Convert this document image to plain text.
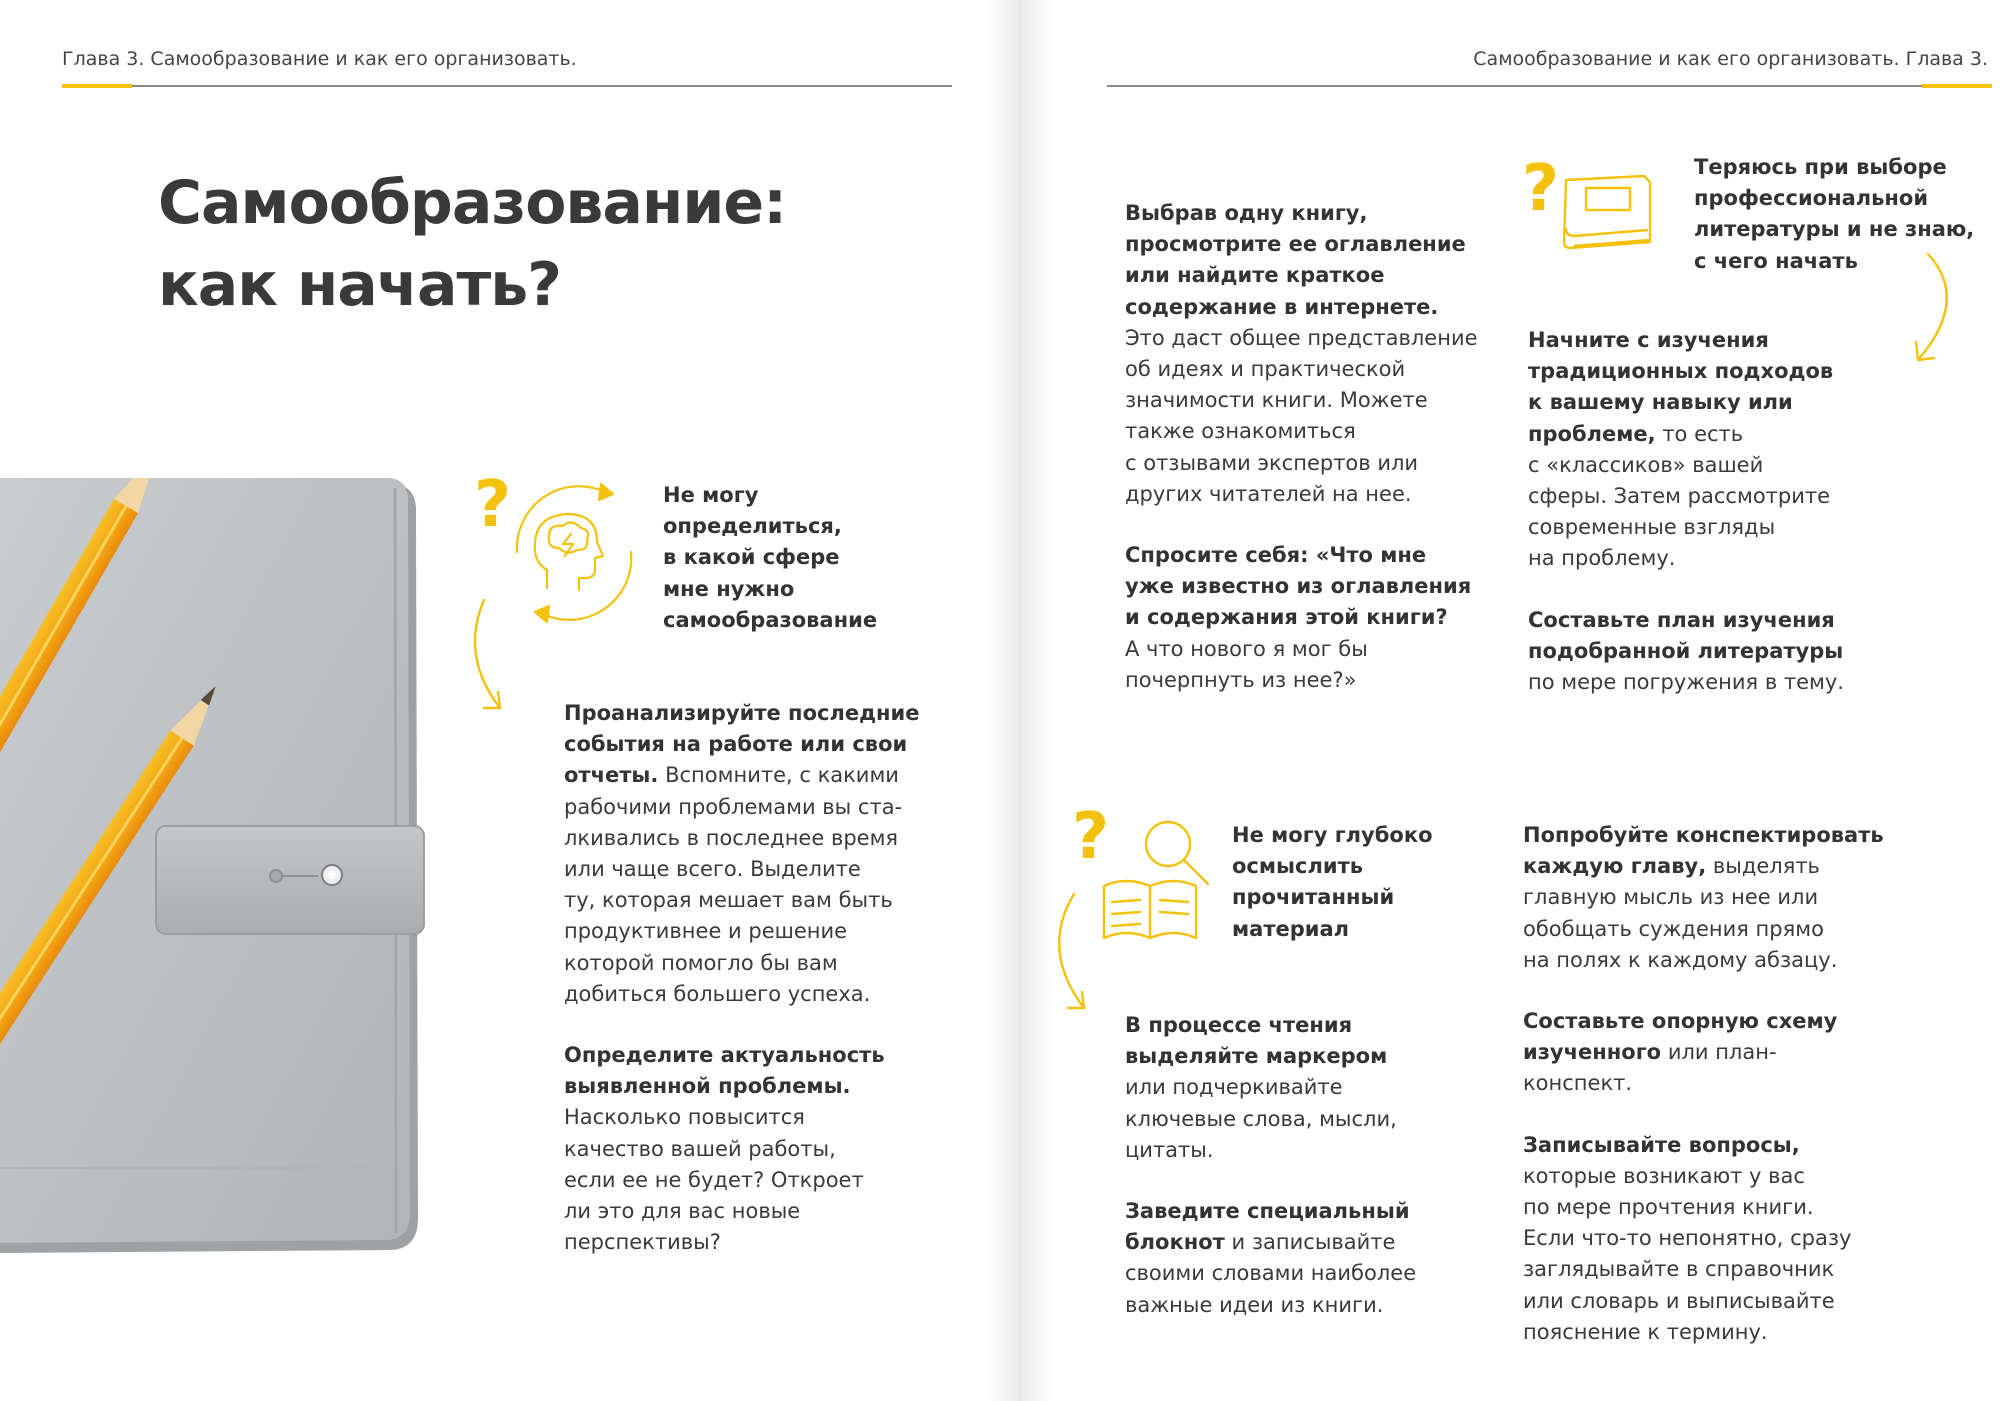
Глава 3. Самообразование и как его организовать.	Самообразование и как его организовать. Глава 3.
Самообразование:
как начать?
?	Не могу
определиться,
в какой сфере
мне нужно
самообразование

Проанализируйте последние
события на работе или свои
отчеты. Вспомните, с какими
рабочими проблемами вы ста-
лкивались в последнее время
или чаще всего. Выделите
ту, которая мешает вам быть
продуктивнее и решение
которой помогло бы вам
добиться большего успеха.

Определите актуальность
выявленной проблемы.
Насколько повысится
качество вашей работы,
если ее не будет? Откроет
ли это для вас новые
перспективы?

Выбрав одну книгу,
просмотрите ее оглавление
или найдите краткое
содержание в интернете.
Это даст общее представление
об идеях и практической
значимости книги. Можете
также ознакомиться
с отзывами экспертов или
других читателей на нее.

Спросите себя: «Что мне
уже известно из оглавления
и содержания этой книги?
А что нового я мог бы
почерпнуть из нее?»

?	Теряюсь при выборе
профессиональной
литературы и не знаю,
с чего начать

Начните с изучения
традиционных подходов
к вашему навыку или
проблеме, то есть
с «классиков» вашей
сферы. Затем рассмотрите
современные взгляды
на проблему.

Составьте план изучения
подобранной литературы
по мере погружения в тему.

?	Не могу глубоко
осмыслить
прочитанный
материал

В процессе чтения
выделяйте маркером
или подчеркивайте
ключевые слова, мысли,
цитаты.

Заведите специальный
блокнот и записывайте
своими словами наиболее
важные идеи из книги.

Попробуйте конспектировать
каждую главу, выделять
главную мысль из нее или
обобщать суждения прямо
на полях к каждому абзацу.

Составьте опорную схему
изученного или план-
конспект.

Записывайте вопросы,
которые возникают у вас
по мере прочтения книги.
Если что-то непонятно, сразу
заглядывайте в справочник
или словарь и выписывайте
пояснение к термину.
